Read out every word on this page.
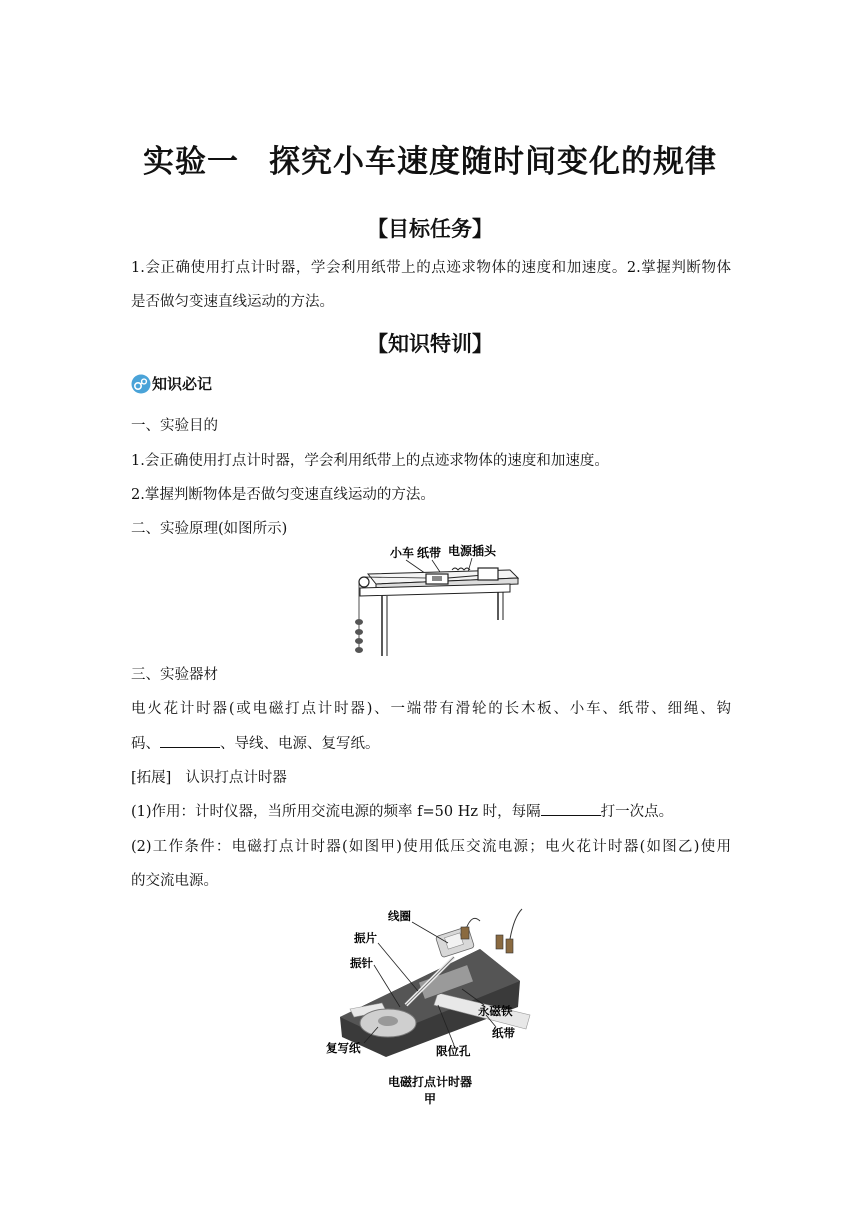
实验一 探究小车速度随时间变化的规律
【目标任务】
1.会正确使用打点计时器，学会利用纸带上的点迹求物体的速度和加速度。2.掌握判断物体
是否做匀变速直线运动的方法。
【知识特训】
知识必记
一、实验目的
1.会正确使用打点计时器，学会利用纸带上的点迹求物体的速度和加速度。
2.掌握判断物体是否做匀变速直线运动的方法。
二、实验原理(如图所示)
小车 纸带 电源插头
三、实验器材
电火花计时器(或电磁打点计时器)、一端带有滑轮的长木板、小车、纸带、细绳、钩
码、	、导线、电源、复写纸。
[拓展] 认识打点计时器
(1)作用：计时仪器，当所用交流电源的频率 f=50 Hz 时，每隔	打一次点。
(2)工作条件：电磁打点计时器(如图甲)使用低压交流电源；电火花计时器(如图乙)使用
的交流电源。
线圈
振片
振针
永磁铁
纸带
复写纸	限位孔
电磁打点计时器
甲
